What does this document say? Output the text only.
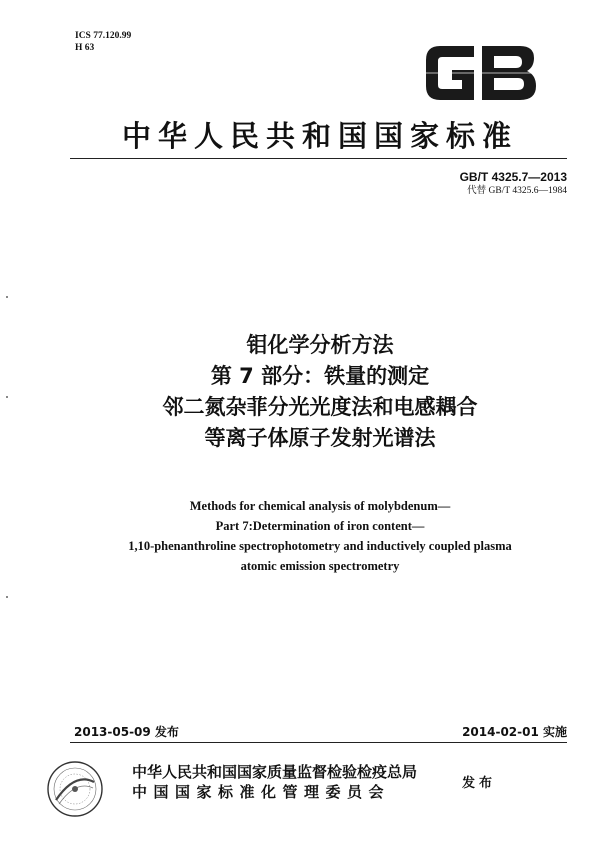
ICS 77.120.99
H 63
中华人民共和国国家标准
GB/T 4325.7—2013
代替 GB/T 4325.6—1984
钼化学分析方法
第 7 部分：铁量的测定
邻二氮杂菲分光光度法和电感耦合
等离子体原子发射光谱法
Methods for chemical analysis of molybdenum—
Part 7:Determination of iron content—
1,10-phenanthroline spectrophotometry and inductively coupled plasma
atomic emission spectrometry
2013-05-09 发布	2014-02-01 实施
中华人民共和国国家质量监督检验检疫总局
中国国家标准化管理委员会	发布
